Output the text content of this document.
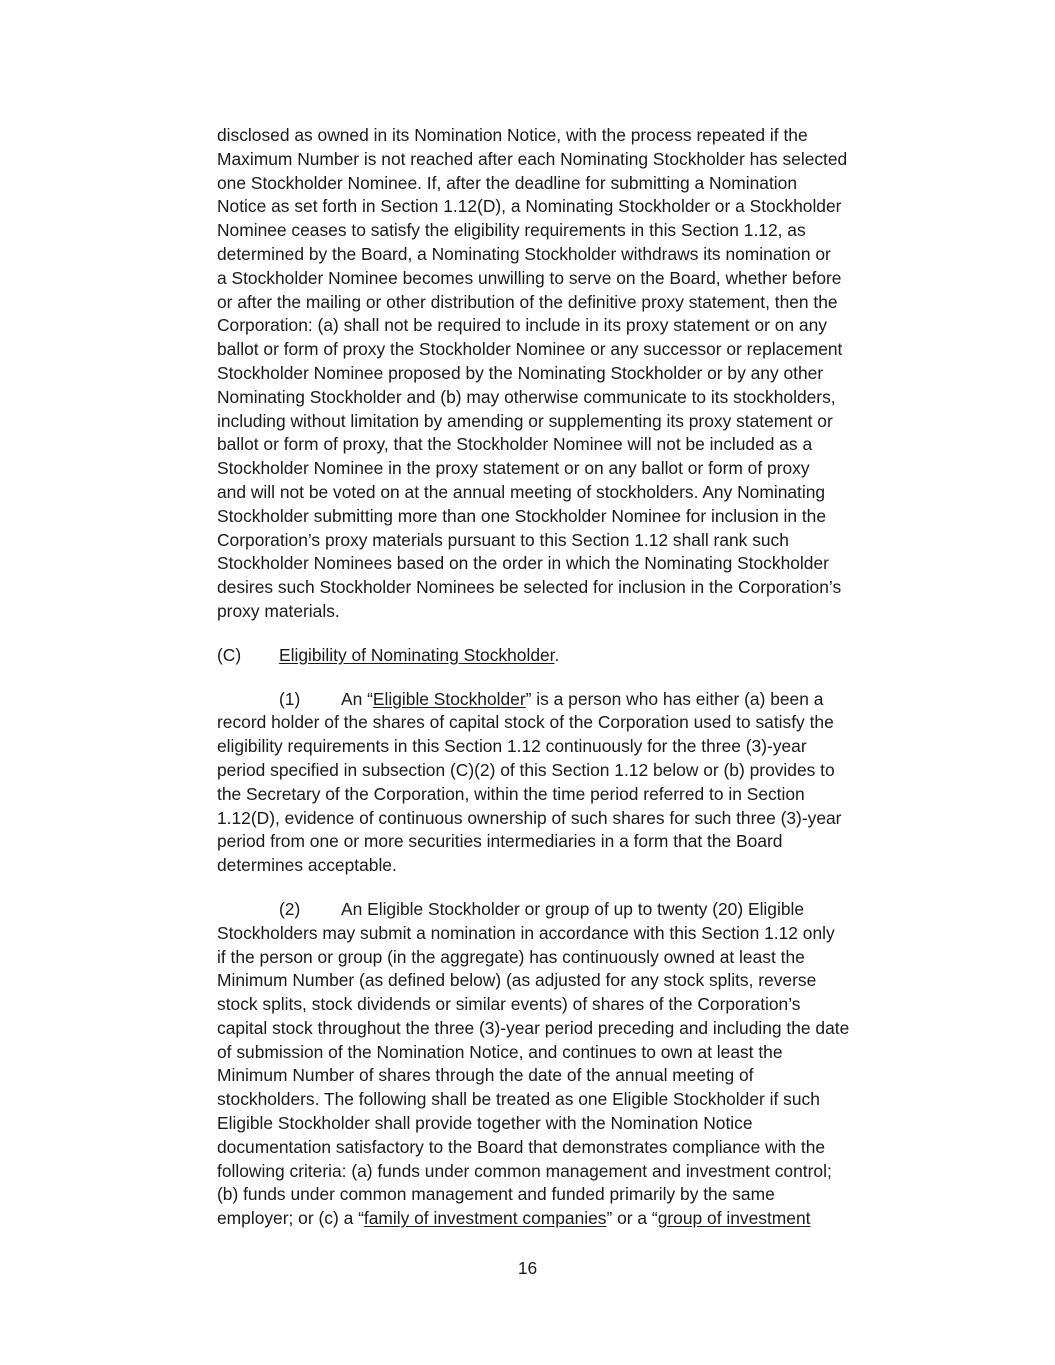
disclosed as owned in its Nomination Notice, with the process repeated if the
Maximum Number is not reached after each Nominating Stockholder has selected
one Stockholder Nominee. If, after the deadline for submitting a Nomination
Notice as set forth in Section 1.12(D), a Nominating Stockholder or a Stockholder
Nominee ceases to satisfy the eligibility requirements in this Section 1.12, as
determined by the Board, a Nominating Stockholder withdraws its nomination or
a Stockholder Nominee becomes unwilling to serve on the Board, whether before
or after the mailing or other distribution of the definitive proxy statement, then the
Corporation: (a) shall not be required to include in its proxy statement or on any
ballot or form of proxy the Stockholder Nominee or any successor or replacement
Stockholder Nominee proposed by the Nominating Stockholder or by any other
Nominating Stockholder and (b) may otherwise communicate to its stockholders,
including without limitation by amending or supplementing its proxy statement or
ballot or form of proxy, that the Stockholder Nominee will not be included as a
Stockholder Nominee in the proxy statement or on any ballot or form of proxy
and will not be voted on at the annual meeting of stockholders. Any Nominating
Stockholder submitting more than one Stockholder Nominee for inclusion in the
Corporation’s proxy materials pursuant to this Section 1.12 shall rank such
Stockholder Nominees based on the order in which the Nominating Stockholder
desires such Stockholder Nominees be selected for inclusion in the Corporation’s
proxy materials.
(C)	Eligibility of Nominating Stockholder.
(1) An “Eligible Stockholder” is a person who has either (a) been a
record holder of the shares of capital stock of the Corporation used to satisfy the
eligibility requirements in this Section 1.12 continuously for the three (3)-year
period specified in subsection (C)(2) of this Section 1.12 below or (b) provides to
the Secretary of the Corporation, within the time period referred to in Section
1.12(D), evidence of continuous ownership of such shares for such three (3)-year
period from one or more securities intermediaries in a form that the Board
determines acceptable.
(2) An Eligible Stockholder or group of up to twenty (20) Eligible
Stockholders may submit a nomination in accordance with this Section 1.12 only
if the person or group (in the aggregate) has continuously owned at least the
Minimum Number (as defined below) (as adjusted for any stock splits, reverse
stock splits, stock dividends or similar events) of shares of the Corporation’s
capital stock throughout the three (3)-year period preceding and including the date
of submission of the Nomination Notice, and continues to own at least the
Minimum Number of shares through the date of the annual meeting of
stockholders. The following shall be treated as one Eligible Stockholder if such
Eligible Stockholder shall provide together with the Nomination Notice
documentation satisfactory to the Board that demonstrates compliance with the
following criteria: (a) funds under common management and investment control;
(b) funds under common management and funded primarily by the same
employer; or (c) a “family of investment companies” or a “group of investment
16
